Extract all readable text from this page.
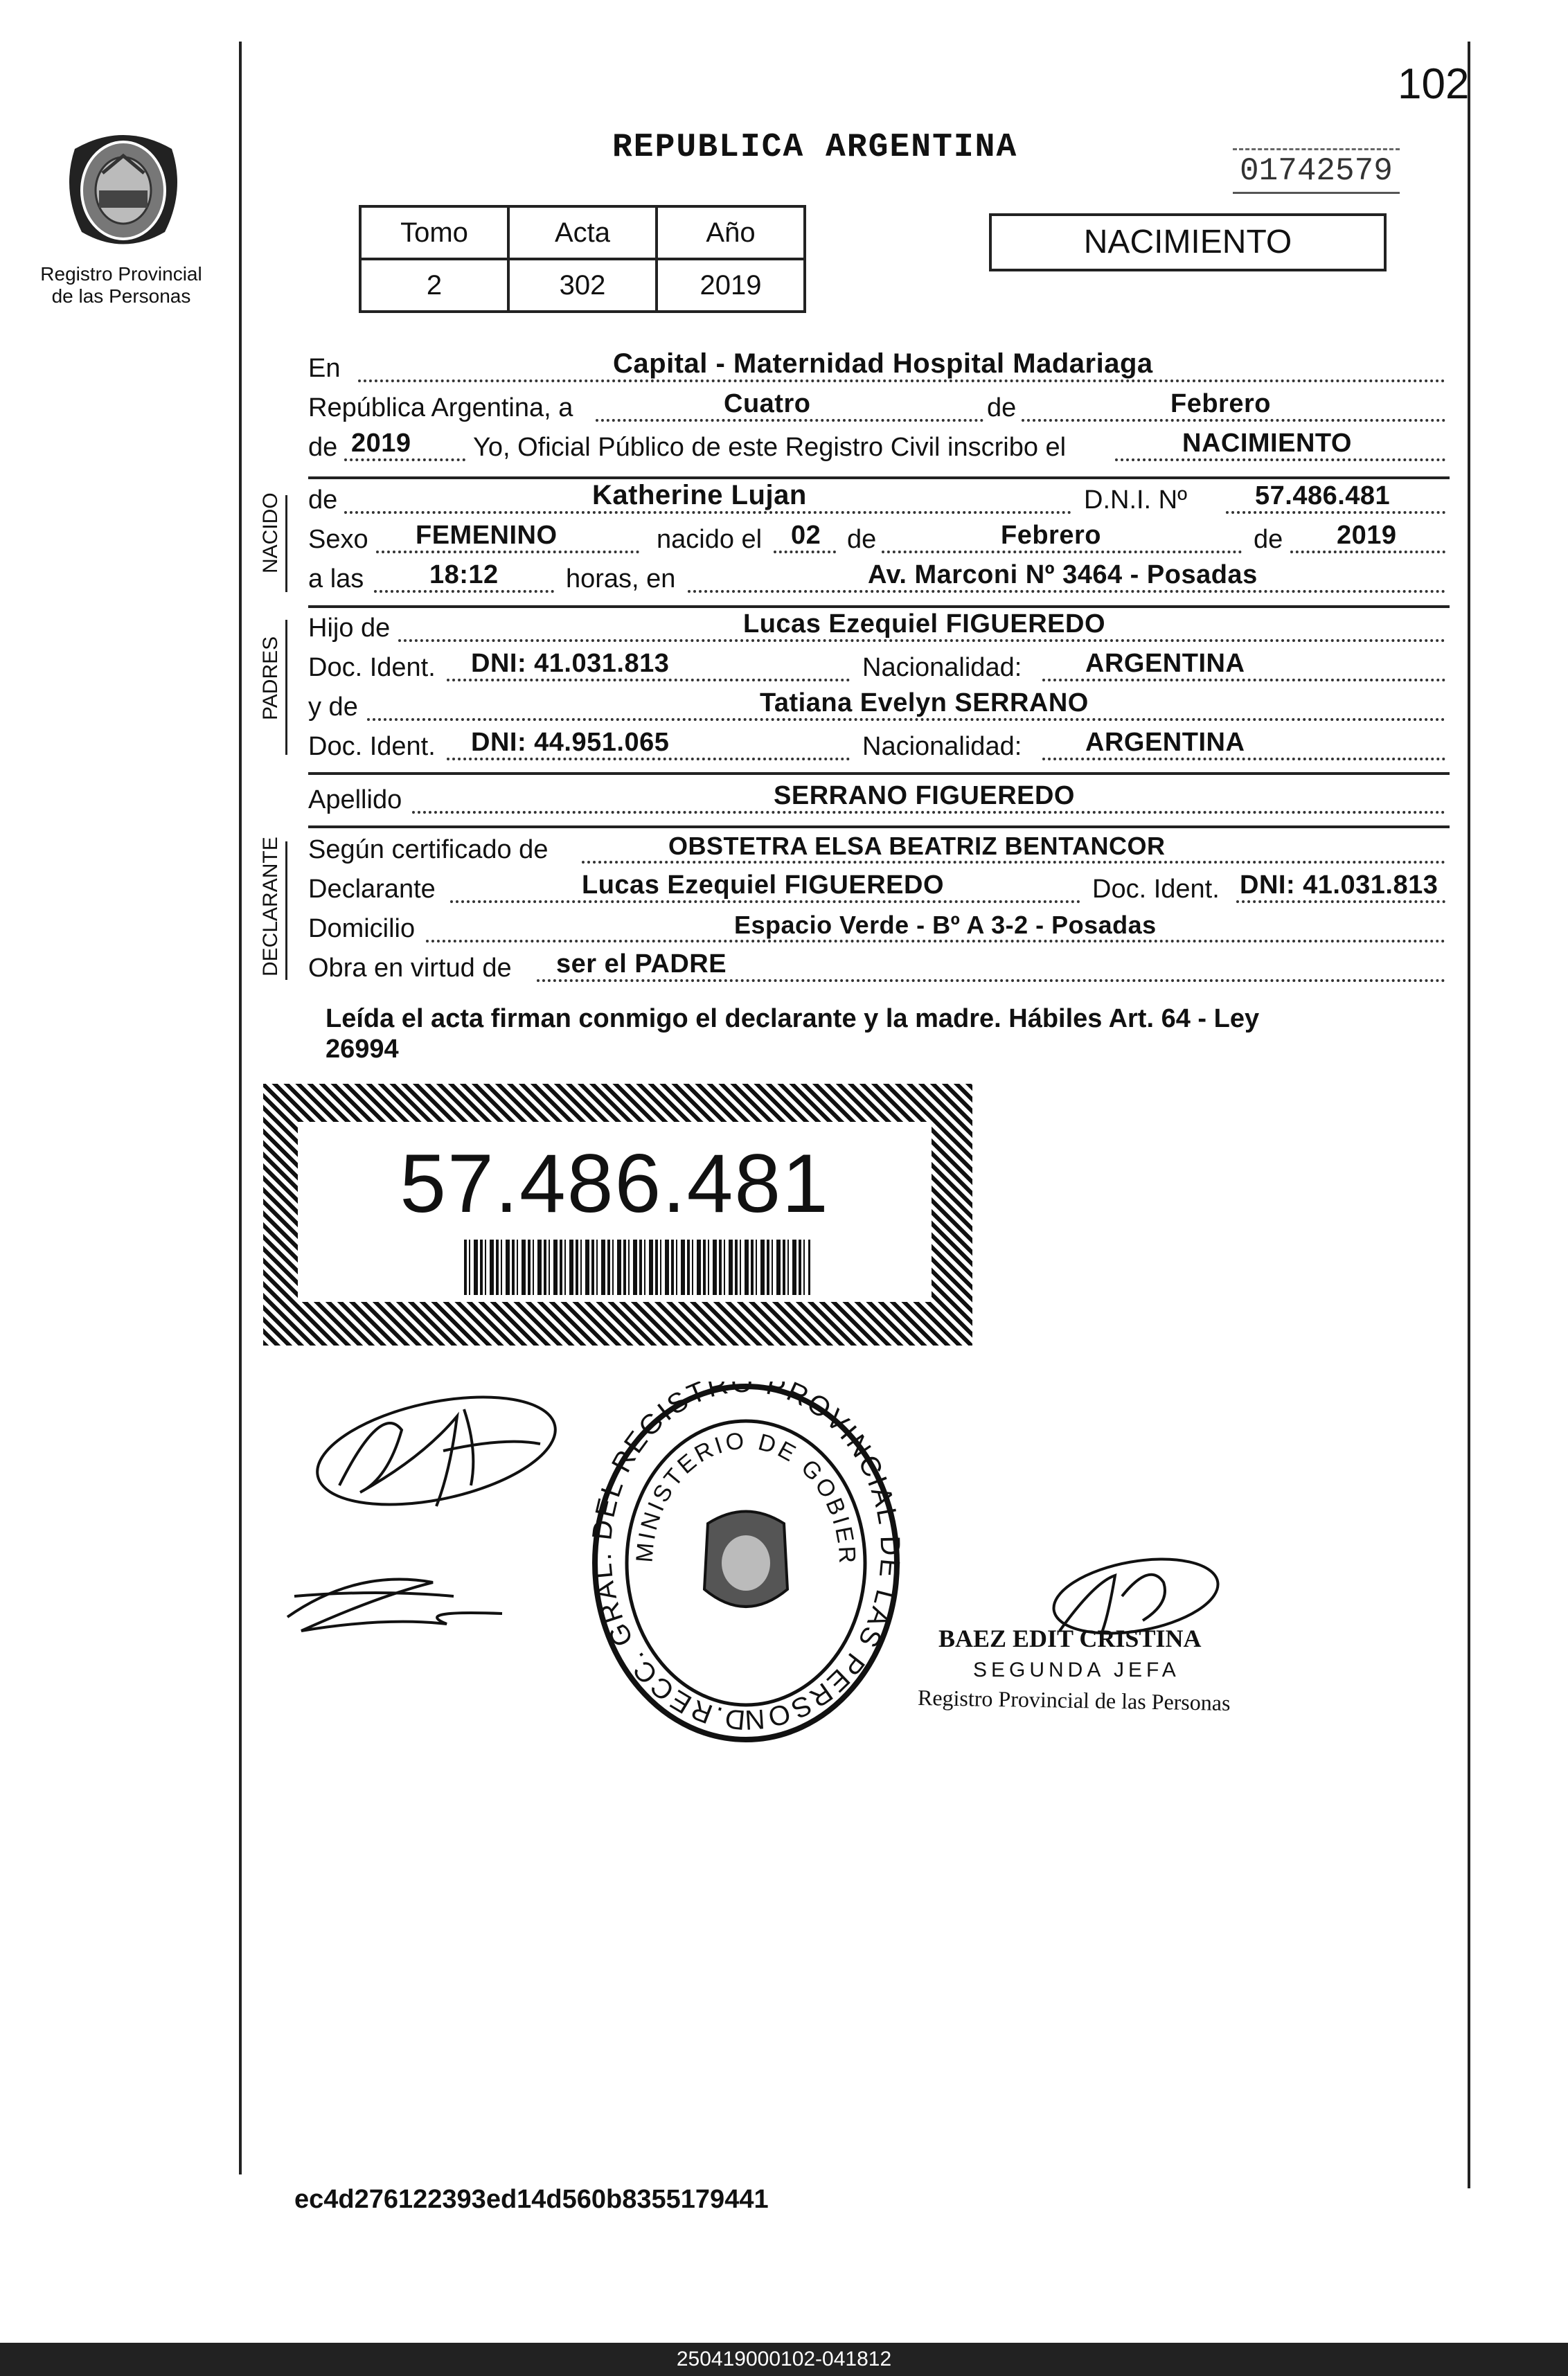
102
Registro Provincial
de las Personas
REPUBLICA ARGENTINA
01742579
Tomo	Acta	Año
2	302	2019
NACIMIENTO
En	Capital - Maternidad Hospital Madariaga
República Argentina, a	Cuatro	de	Febrero
de 2019 Yo, Oficial Público de este Registro Civil inscribo el	NACIMIENTO
NACIDO de	Katherine Lujan	D.N.I. Nº	57.486.481
Sexo FEMENINO	nacido el 02 de	Febrero	de 2019
a las 18:12	horas, en	Av. Marconi Nº 3464 - Posadas
PADRES
Hijo de	Lucas Ezequiel FIGUEREDO
Doc. Ident. DNI: 41.031.813	Nacionalidad: ARGENTINA
y de	Tatiana Evelyn SERRANO
Doc. Ident. DNI: 44.951.065	Nacionalidad: ARGENTINA
Apellido	SERRANO FIGUEREDO
DECLARANTE Según certificado de	OBSTETRA ELSA BEATRIZ BENTANCOR
Declarante	Lucas Ezequiel FIGUEREDO	Doc. Ident. DNI: 41.031.813
Domicilio	Espacio Verde - Bº A 3-2 - Posadas
Obra en virtud de ser el PADRE
Leída el acta firman conmigo el declarante y la madre. Hábiles Art. 64 - Ley
26994
57.486.481
D.RECC. GRA EL REGISTRO PROVINCIAL LAS PERSON
MINISTERIO DE GOBIER
BAEZ EDIT CRISTINA
SEGUNDA JEFA
Registro Provincial de las Personas
ec4d276122393ed14d560b8355179441
250419000102-041812
